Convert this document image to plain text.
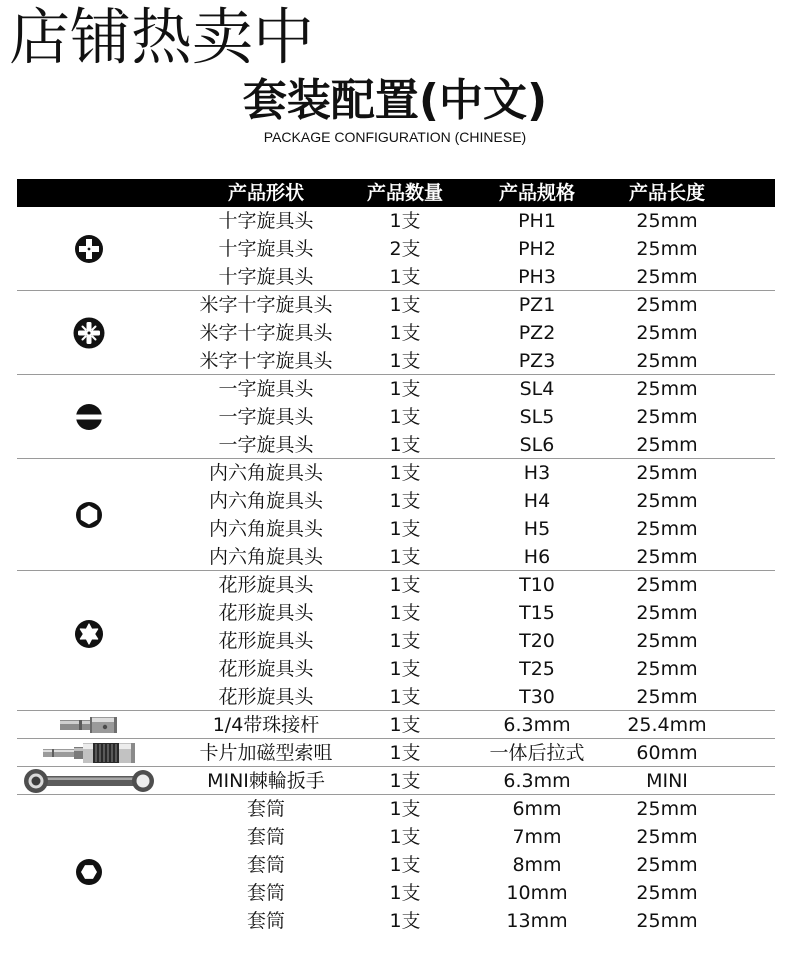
店铺热卖中
套装配置(中文)
PACKAGE CONFIGURATION (CHINESE)
产品形状	产品数量	产品规格	产品长度
十字旋具头	1支	PH1	25mm
十字旋具头	2支	PH2	25mm
十字旋具头	1支	PH3	25mm
米字十字旋具头	1支	PZ1	25mm
米字十字旋具头	1支	PZ2	25mm
米字十字旋具头	1支	PZ3	25mm
一字旋具头	1支	SL4	25mm
一字旋具头	1支	SL5	25mm
一字旋具头	1支	SL6	25mm
内六角旋具头	1支	H3	25mm
内六角旋具头	1支	H4	25mm
内六角旋具头	1支	H5	25mm
内六角旋具头	1支	H6	25mm
花形旋具头	1支	T10	25mm
花形旋具头	1支	T15	25mm
花形旋具头	1支	T20	25mm
花形旋具头	1支	T25	25mm
花形旋具头	1支	T30	25mm
1/4带珠接杆	1支	6.3mm	25.4mm
卡片加磁型索咀	1支	一体后拉式	60mm
MINI棘輪扳手	1支	6.3mm	MINI
套筒	1支	6mm	25mm
套筒	1支	7mm	25mm
套筒	1支	8mm	25mm
套筒	1支	10mm	25mm
套筒	1支	13mm	25mm
